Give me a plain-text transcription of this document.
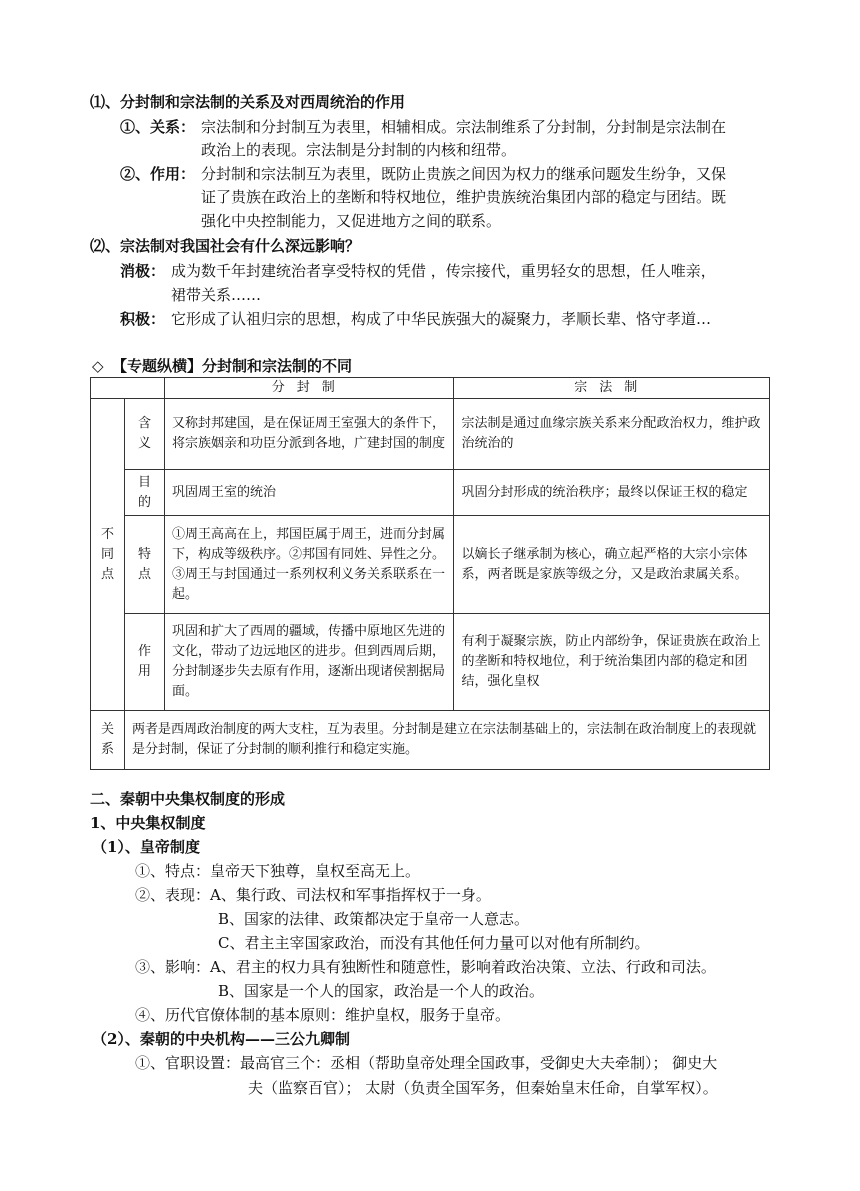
⑴、分封制和宗法制的关系及对西周统治的作用
①、关系： 宗法制和分封制互为表里，相辅相成。宗法制维系了分封制，分封制是宗法制在
政治上的表现。宗法制是分封制的内核和纽带。
②、作用： 分封制和宗法制互为表里，既防止贵族之间因为权力的继承问题发生纷争，又保
证了贵族在政治上的垄断和特权地位，维护贵族统治集团内部的稳定与团结。既
强化中央控制能力，又促进地方之间的联系。
⑵、宗法制对我国社会有什么深远影响？
消极： 成为数千年封建统治者享受特权的凭借 ，传宗接代，重男轻女的思想，任人唯亲，
裙带关系……
积极： 它形成了认祖归宗的思想，构成了中华民族强大的凝聚力，孝顺长辈、恪守孝道…
◇ 【专题纵横】分封制和宗法制的不同
		分封制	宗法制

不
同
点	含
义	又称封邦建国，是在保证周王室强大的条件下，将宗族姻亲和功臣分派到各地，广建封国的制度	宗法制是通过血缘宗族关系来分配政治权力，维护政治统治的

	目
的	巩固周王室的统治	巩固分封形成的统治秩序；最终以保证王权的稳定

	特
点	①周王高高在上，邦国臣属于周王，进而分封属下，构成等级秩序。②邦国有同姓、异性之分。③周王与封国通过一系列权利义务关系联系在一起。	以嫡长子继承制为核心，确立起严格的大宗小宗体系，两者既是家族等级之分，又是政治隶属关系。

	作
用	巩固和扩大了西周的疆域，传播中原地区先进的文化，带动了边远地区的进步。但到西周后期，分封制逐步失去原有作用，逐渐出现诸侯割据局面。	有利于凝聚宗族，防止内部纷争，保证贵族在政治上的垄断和特权地位，利于统治集团内部的稳定和团结，强化皇权

关
系	两者是西周政治制度的两大支柱，互为表里。分封制是建立在宗法制基础上的，宗法制在政治制度上的表现就是分封制，保证了分封制的顺利推行和稳定实施。		
二、秦朝中央集权制度的形成
1、中央集权制度
（1）、皇帝制度
①、特点：皇帝天下独尊，皇权至高无上。
②、表现：A、集行政、司法权和军事指挥权于一身。
B、国家的法律、政策都决定于皇帝一人意志。
C、君主主宰国家政治，而没有其他任何力量可以对他有所制约。
③、影响：A、君主的权力具有独断性和随意性，影响着政治决策、立法、行政和司法。
B、国家是一个人的国家，政治是一个人的政治。
④、历代官僚体制的基本原则：维护皇权，服务于皇帝。
（2）、秦朝的中央机构——三公九卿制
①、官职设置：最高官三个：丞相（帮助皇帝处理全国政事，受御史大夫牵制）； 御史大
夫（监察百官）； 太尉（负责全国军务，但秦始皇末任命，自掌军权）。
